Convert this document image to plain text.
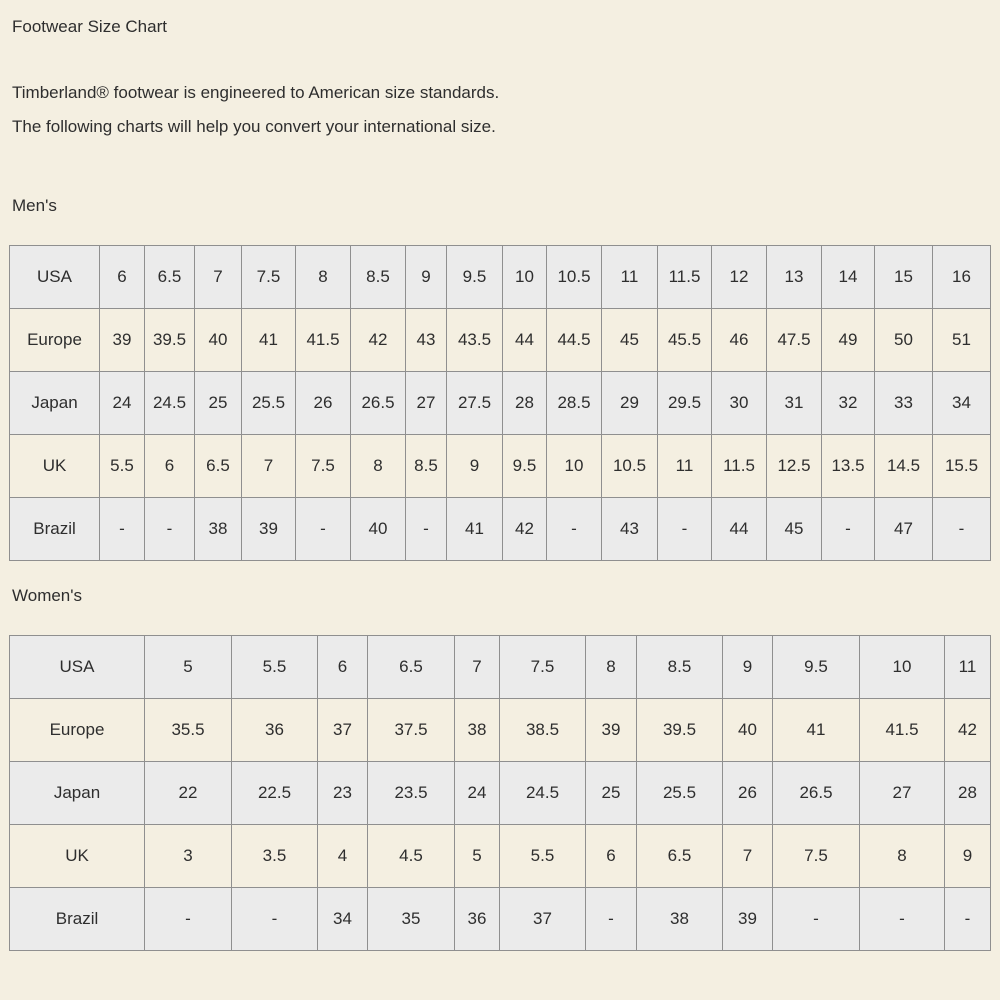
Footwear Size Chart

Timberland® footwear is engineered to American size standards.

The following charts will help you convert your international size.

Men's
USA	6	6.5	7	7.5	8	8.5	9	9.5	10	10.5	11	11.5	12	13	14	15	16
Europe	39	39.5	40	41	41.5	42	43	43.5	44	44.5	45	45.5	46	47.5	49	50	51
Japan	24	24.5	25	25.5	26	26.5	27	27.5	28	28.5	29	29.5	30	31	32	33	34
UK	5.5	6	6.5	7	7.5	8	8.5	9	9.5	10	10.5	11	11.5	12.5	13.5	14.5	15.5
Brazil	-	-	38	39	-	40	-	41	42	-	43	-	44	45	-	47	-
Women's
USA	5	5.5	6	6.5	7	7.5	8	8.5	9	9.5	10	11
Europe	35.5	36	37	37.5	38	38.5	39	39.5	40	41	41.5	42
Japan	22	22.5	23	23.5	24	24.5	25	25.5	26	26.5	27	28
UK	3	3.5	4	4.5	5	5.5	6	6.5	7	7.5	8	9
Brazil	-	-	34	35	36	37	-	38	39	-	-	-
